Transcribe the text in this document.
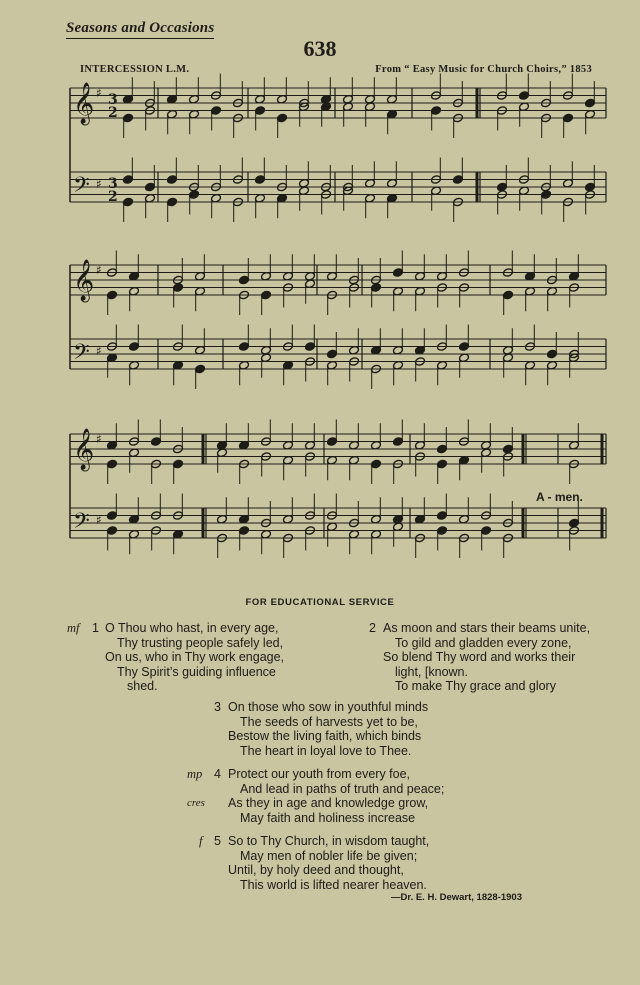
Seasons and Occasions
638
INTERCESSION L.M.	From “ Easy Music for Church Choirs,” 1853
𝄞 ♯ 3
2
𝄢 ♯ 3
2
𝄞 ♯
𝄢 ♯
𝄞 ♯
𝄢 ♯
A - men.
FOR EDUCATIONAL SERVICE
mf 1 O Thou who hast, in every age,
Thy trusting people safely led,
On us, who in Thy work engage,
Thy Spirit’s guiding influence
shed.
2 As moon and stars their beams unite,
To gild and gladden every zone,
So blend Thy word and works their
light, [known.
To make Thy grace and glory
3 On those who sow in youthful minds
The seeds of harvests yet to be,
Bestow the living faith, which binds
The heart in loyal love to Thee.
mp
cres
4 Protect our youth from every foe,
And lead in paths of truth and peace;
As they in age and knowledge grow,
May faith and holiness increase
f 5 So to Thy Church, in wisdom taught,
May men of nobler life be given;
Until, by holy deed and thought,
This world is lifted nearer heaven.
—Dr. E. H. Dewart, 1828-1903
